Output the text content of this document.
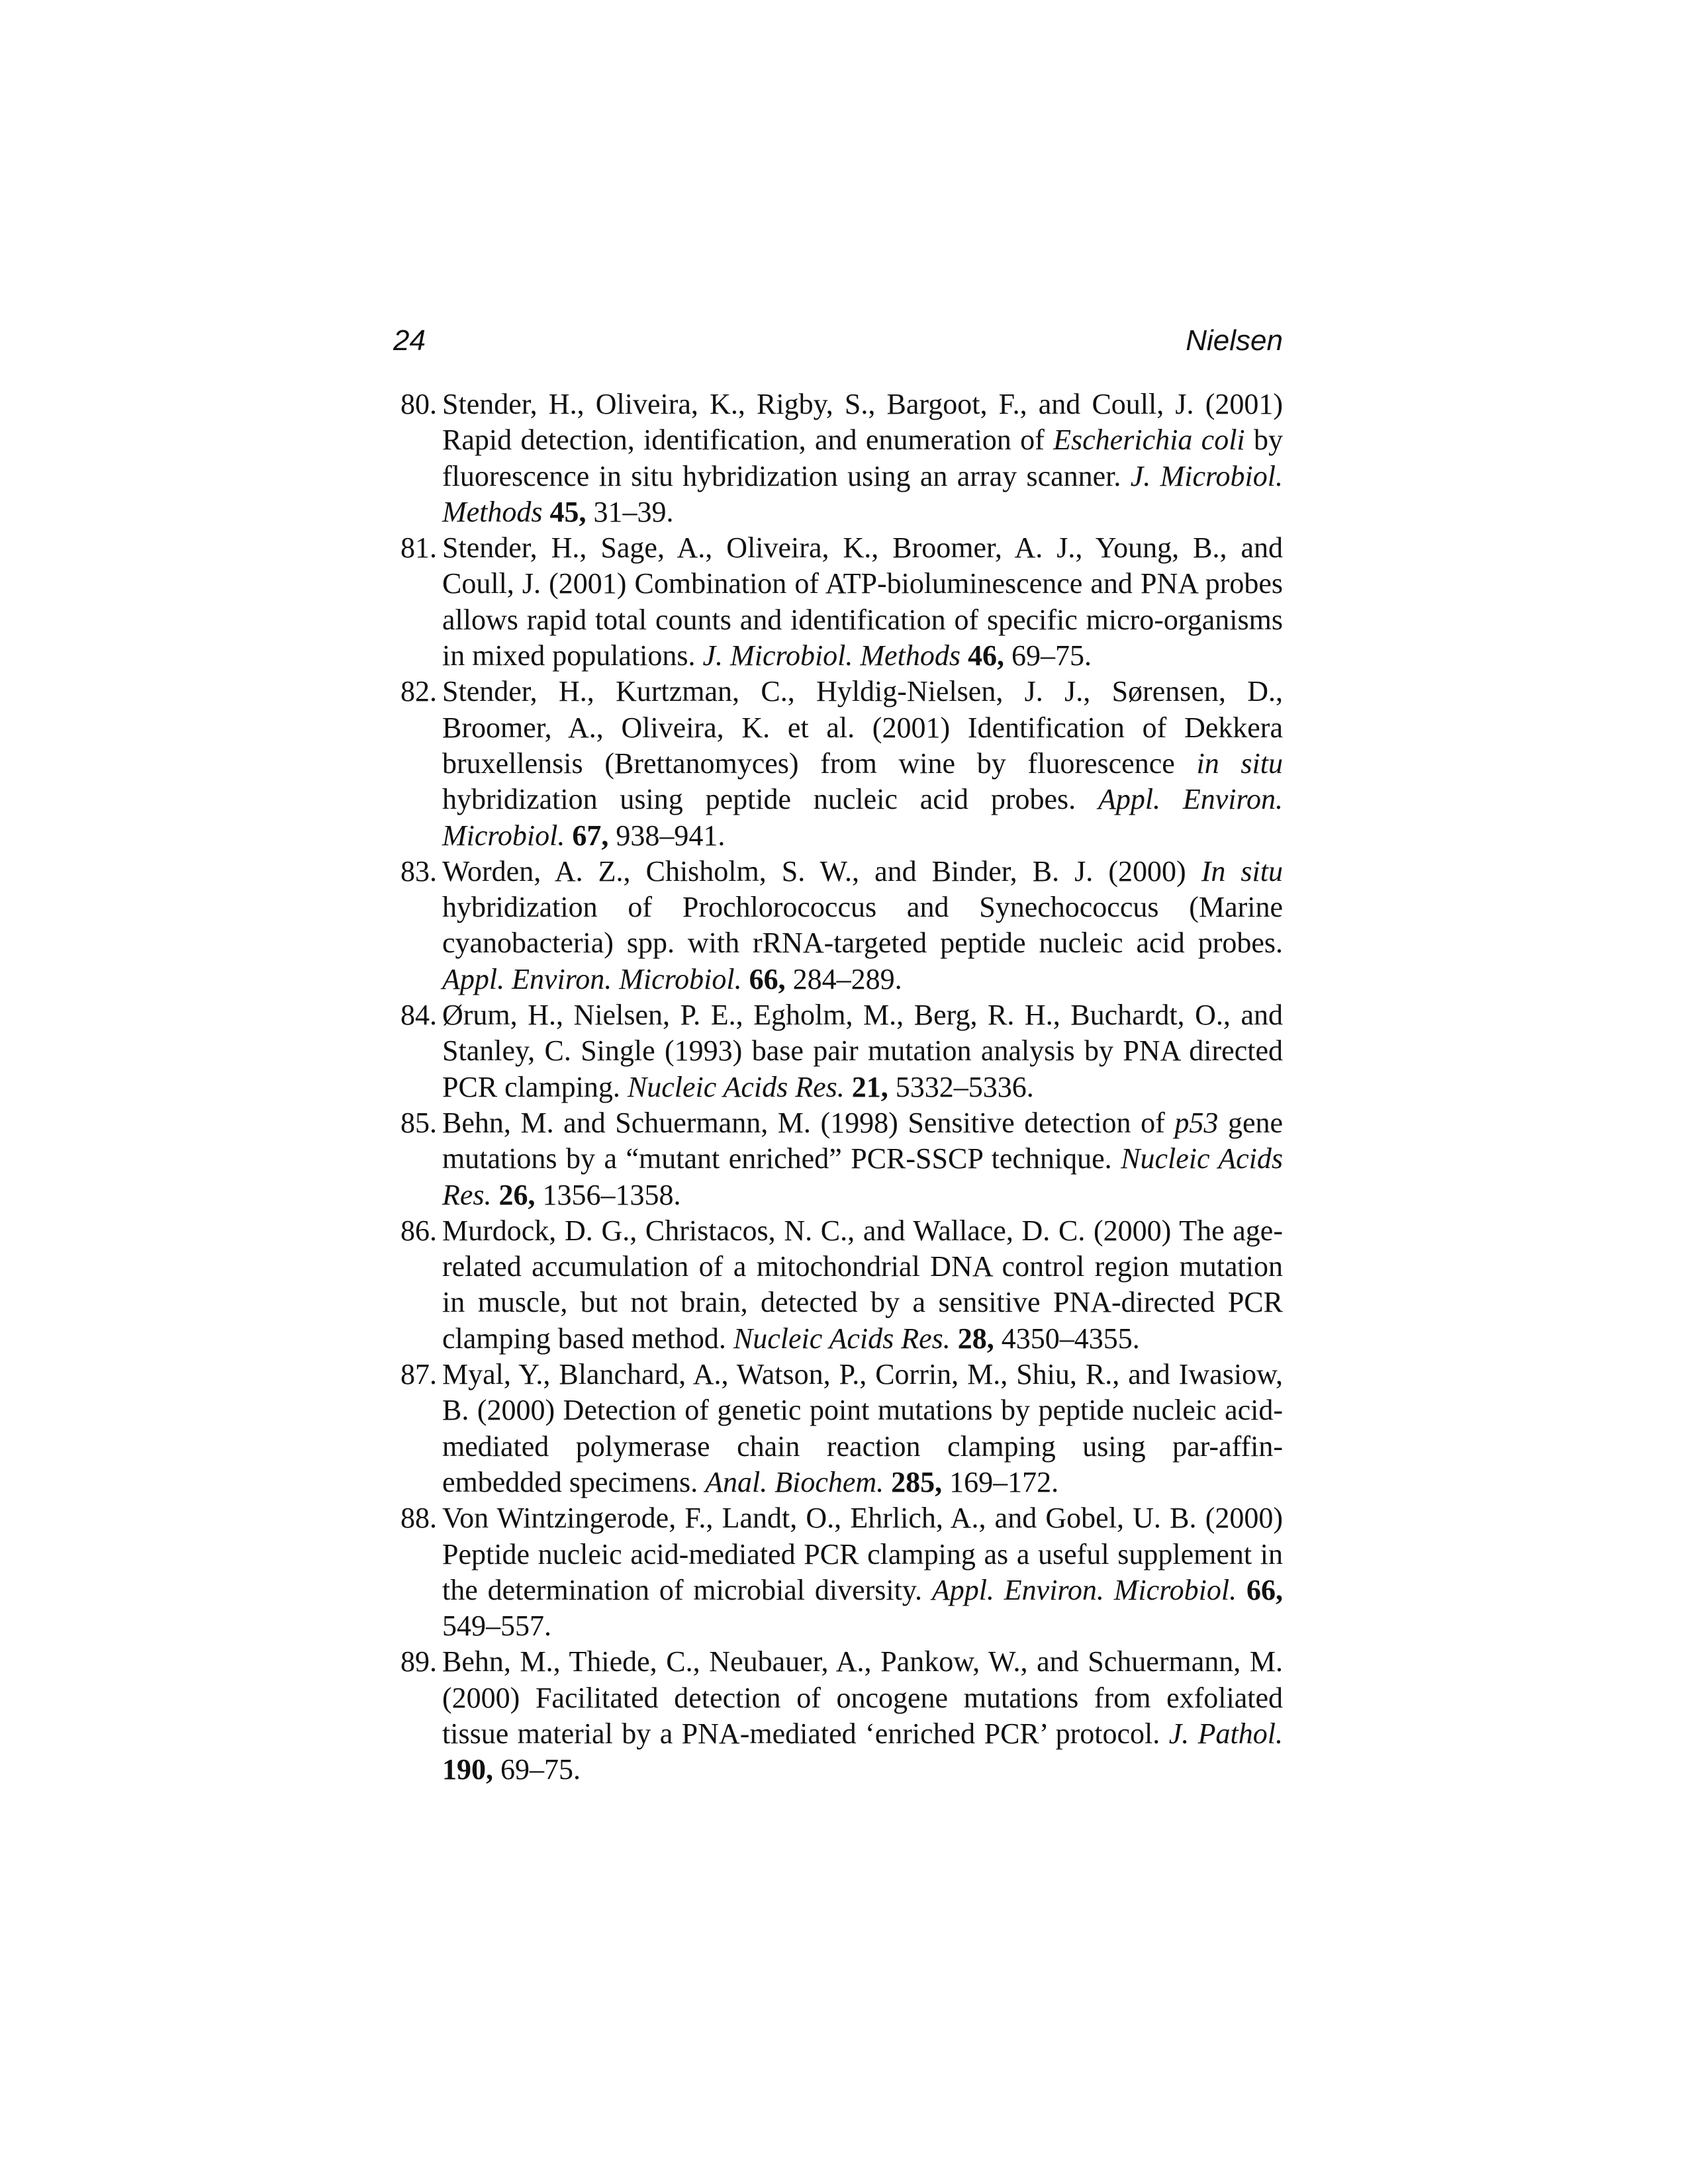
24	Nielsen
80. Stender, H., Oliveira, K., Rigby, S., Bargoot, F., and Coull, J. (2001) Rapid detection, identification, and enumeration of Escherichia coli by fluorescence in situ hybridization using an array scanner. J. Microbiol. Methods 45, 31–39.
81. Stender, H., Sage, A., Oliveira, K., Broomer, A. J., Young, B., and Coull, J. (2001) Combination of ATP-bioluminescence and PNA probes allows rapid total counts and identification of specific micro-organisms in mixed populations. J. Microbiol. Methods 46, 69–75.
82. Stender, H., Kurtzman, C., Hyldig-Nielsen, J. J., Sørensen, D., Broomer, A., Oliveira, K. et al. (2001) Identification of Dekkera bruxellensis (Brettanomyces) from wine by fluorescence in situ hybridization using peptide nucleic acid probes. Appl. Environ. Microbiol. 67, 938–941.
83. Worden, A. Z., Chisholm, S. W., and Binder, B. J. (2000) In situ hybridization of Prochlorococcus and Synechococcus (Marine cyanobacteria) spp. with rRNA-targeted peptide nucleic acid probes. Appl. Environ. Microbiol. 66, 284–289.
84. Ørum, H., Nielsen, P. E., Egholm, M., Berg, R. H., Buchardt, O., and Stanley, C. Single (1993) base pair mutation analysis by PNA directed PCR clamping. Nucleic Acids Res. 21, 5332–5336.
85. Behn, M. and Schuermann, M. (1998) Sensitive detection of p53 gene mutations by a “mutant enriched” PCR-SSCP technique. Nucleic Acids Res. 26, 1356–1358.
86. Murdock, D. G., Christacos, N. C., and Wallace, D. C. (2000) The age-related accumulation of a mitochondrial DNA control region mutation in muscle, but not brain, detected by a sensitive PNA-directed PCR clamping based method. Nucleic Acids Res. 28, 4350–4355.
87. Myal, Y., Blanchard, A., Watson, P., Corrin, M., Shiu, R., and Iwasiow, B. (2000) Detection of genetic point mutations by peptide nucleic acid-mediated polymerase chain reaction clamping using par-affin-embedded specimens. Anal. Biochem. 285, 169–172.
88. Von Wintzingerode, F., Landt, O., Ehrlich, A., and Gobel, U. B. (2000) Peptide nucleic acid-mediated PCR clamping as a useful supplement in the determination of microbial diversity. Appl. Environ. Microbiol. 66, 549–557.
89. Behn, M., Thiede, C., Neubauer, A., Pankow, W., and Schuermann, M. (2000) Facilitated detection of oncogene mutations from exfoliated tissue material by a PNA-mediated ‘enriched PCR’ protocol. J. Pathol. 190, 69–75.
